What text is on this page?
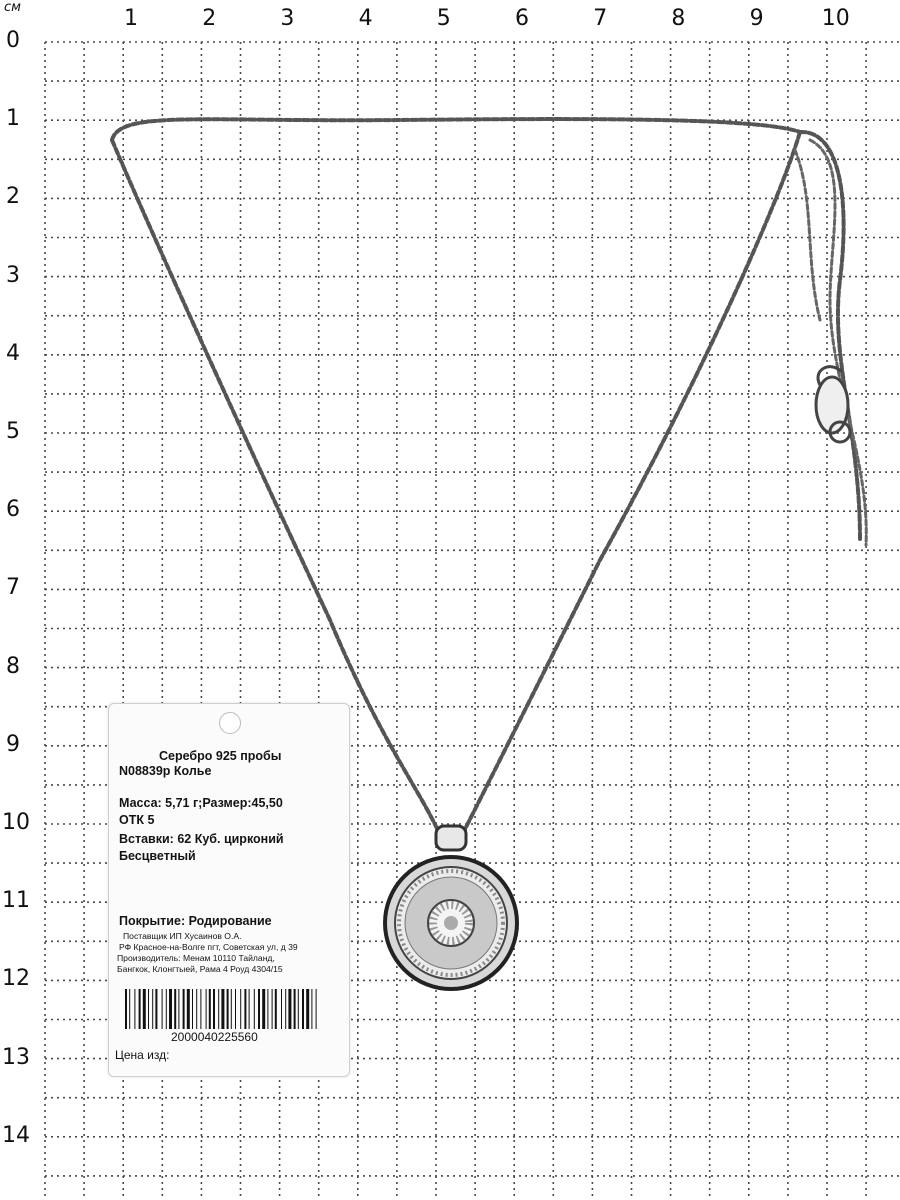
см	1	2	3	4	5	6	7	8	9	10
0
1
2
3
4
5
6
7
8
9
10
11
12
13
14
Серебро 925 пробы
N08839p Колье
Масса: 5,71 г;Размер:45,50
ОТК 5
Вставки: 62 Куб. цирконий
Бесцветный
Покрытие: Родирование
Поставщик ИП Хусаинов О.А.
РФ Красное-на-Волге пгт, Советская ул, д 39
Производитель: Менам 10110 Тайланд,
Бангкок, Клонгтыей, Рама 4 Роуд 4304/15
2000040225560
Цена изд:
